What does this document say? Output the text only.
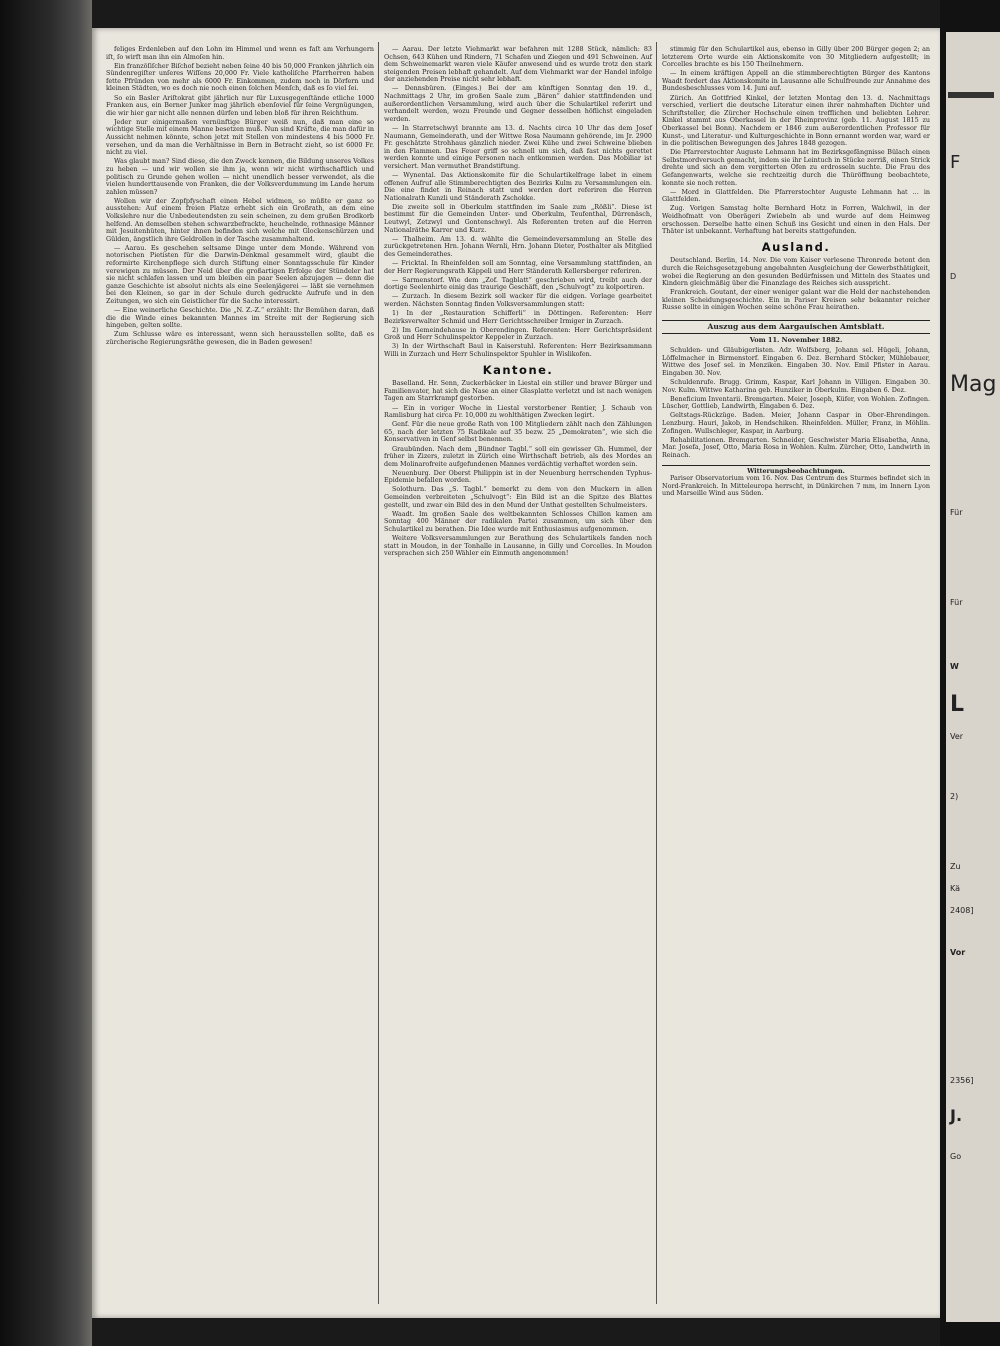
feliges Erdenleben auf den Lohn im Himmel und wenn es faſt am Verhungern iſt, ſo wirft man ihn ein Almoſen hin.

Ein franzöſiſcher Biſchof bezieht neben ſeine 40 bis 50,000 Franken jährlich ein Sündenregiſter unſeres Wiſſens 20,000 Fr. Viele katholiſche Pfarrherren haben fette Pfründen von mehr als 6000 Fr. Einkommen, zudem noch in Dörfern und kleinen Städten, wo es doch nie noch einen ſolchen Menſch, daß es ſo viel ſei.

So ein Basler Ariſtokrat gibt jährlich nur für Luxusgegenſtände etliche 1000 Franken aus, ein Berner Junker mag jährlich ebenſoviel für ſeine Vergnügungen, die wir hier gar nicht alle nennen dürfen und leben bloß für ihren Reichthum.

Jeder nur einigermaßen vernünftige Bürger weiß nun, daß man eine so wichtige Stelle mit einem Manne besetzen muß. Nun sind Kräfte, die man dafür in Aussicht nehmen könnte, schon jetzt mit Stellen von mindestens 4 bis 5000 Fr. versehen, und da man die Verhältnisse in Bern in Betracht zieht, so ist 6000 Fr. nicht zu viel.

Was glaubt man? Sind diese, die den Zweck kennen, die Bildung unseres Volkes zu heben — und wir wollen sie ihm ja, wenn wir nicht wirthschaftlich und politisch zu Grunde gehen wollen — nicht unendlich besser verwendet, als die vielen hunderttausende von Franken, die der Volksverdummung im Lande herum zahlen müssen?

Wollen wir der Zopfpfyschaft einen Hebel widmen, so müßte er ganz so ausstehen: Auf einem freien Platze erhebt sich ein Großrath, an dem eine Volkslehre nur die Unbedeutendsten zu sein scheinen, zu dem grußen Brodkorb helfend. An demselben stehen schwarzbefrackte, heuchelnde, rothnasige Männer mit Jesuitenhüten, hinter ihnen befinden sich welche mit Glockenschürzen und Gülden, ängstlich ihre Geldrollen in der Tasche zusammhaltend.

— Aarau. Es geschehen seltsame Dinge unter dem Monde. Während von notorischen Pietisten für die Darwin-Denkmal gesammelt wird, glaubt die reformirte Kirchenpflege sich durch Stiftung einer Sonntagsschule für Kinder verewigen zu müssen. Der Neid über die großartigen Erfolge der Stündeler hat sie nicht schlafen lassen und um bleiben ein paar Seelen abzujagen — denn die ganze Geschichte ist absolut nichts als eine Seelenjägerei — läßt sie vernehmen bei den Kleinen, so gar in der Schule durch gedruckte Aufrufe und in den Zeitungen, wo sich ein Geistlicher für die Sache interessirt.

— Eine weinerliche Geschichte. Die „N. Z.-Z.“ erzählt: Ihr Bemühen daran, daß die die Winde eines bekannten Mannes im Streite mit der Regierung sich hingeben, gelten sollte.

Zum Schlusse wäre es interessant, wenn sich herausstellen sollte, daß es zürcherische Regierungsräthe gewesen, die in Baden gewesen!

— Aarau. Der letzte Viehmarkt war befahren mit 1288 Stück, nämlich: 83 Ochsen, 643 Kühen und Rindern, 71 Schafen und Ziegen und 491 Schweinen. Auf dem Schweinemarkt waren viele Käufer anwesend und es wurde trotz den stark steigenden Preisen lebhaft gehandelt. Auf dem Viehmarkt war der Handel infolge der anziehenden Preise nicht sehr lebhaft.

— Dennsbüren. (Einges.) Bei der am künftigen Sonntag den 19. d., Nachmittags 2 Uhr, im großen Saale zum „Bären“ dahier stattfindenden und außerordentlichen Versammlung, wird auch über die Schulartikel referirt und verhandelt werden, wozu Freunde und Gegner desselben höflichst eingeladen werden.

— In Starretschwyl brannte am 13. d. Nachts circa 10 Uhr das dem Josef Naumann, Gemeinderath, und der Wittwe Rosa Naumann gehörende, im Jr. 2900 Fr. geschätzte Strohhaus gänzlich nieder. Zwei Kühe und zwei Schweine blieben in den Flammen. Das Feuer griff so schnell um sich, daß fast nichts gerettet werden konnte und einige Personen nach entkommen werden. Das Mobiliar ist versichert. Man vermuthet Brandstiftung.

— Wynental. Das Aktionskomite für die Schulartikelfrage labet in einem offenen Aufruf alle Stimmberechtigten des Bezirks Kulm zu Versammlungen ein. Die eine findet in Reinach statt und werden dort referiren die Herren Nationalrath Kunzli und Ständerath Zschokke.

Die zweite soll in Oberkulm stattfinden im Saale zum „Rößli“. Diese ist bestimmt für die Gemeinden Unter- und Oberkulm, Teufenthal, Dürrenäsch, Leutwyl, Zetzwyl und Gontenschwyl. Als Referenten treten auf die Herren Nationalräthe Karrer und Kurz.

— Thalheim. Am 13. d. wählte die Gemeindeversammlung an Stelle des zurückgetretenen Hrn. Johann Wernli, Hrn. Johann Dieter, Posthalter als Mitglied des Gemeinderathes.

— Fricktal. In Rheinfelden soll am Sonntag, eine Versammlung stattfinden, an der Herr Regierungsrath Käppeli und Herr Ständerath Kellersberger referiren.

— Sarmenstorf. Wie dem „Zof. Tagblatt“ geschrieben wird, treibt auch der dortige Seelenhirte einig das traurige Geschäft, den „Schulvogt“ zu kolportiren.

— Zurzach. In diesem Bezirk soll wacker für die eidgen. Vorlage gearbeitet werden. Nächsten Sonntag finden Volksversammlungen statt:

1) In der „Restauration Schifferli“ in Döttingen. Referenten: Herr Bezirksverwalter Schmid und Herr Gerichtsschreiber Irmiger in Zurzach.

2) Im Gemeindehause in Oberendingen. Referenten: Herr Gerichtspräsident Groß und Herr Schulinspektor Keppeler in Zurzach.

3) In der Wirthschaft Baul in Kaiserstuhl. Referenten: Herr Bezirksammann Willi in Zurzach und Herr Schulinspektor Spuhler in Wislikofen.

Kantone.

Baselland. Hr. Senn, Zuckerbäcker in Liestal ein stiller und braver Bürger und Familienvater, hat sich die Nase an einer Glasplatte verletzt und ist nach wenigen Tagen am Starrkrampf gestorben.

— Ein in voriger Woche in Liestal verstorbener Rentier, J. Schaub von Ramlisburg hat circa Fr. 10,000 zu wohlthätigen Zwecken legirt.

Genf. Für die neue große Rath von 100 Mitgliedern zählt nach den Zählungen 65, nach der letzten 75 Radikale auf 35 bezw. 25 „Demokraten“, wie sich die Konservativen in Genf selbst benennen.

Graubünden. Nach dem „Bündner Tagbl.“ soll ein gewisser Gh. Hummel, der früher in Zizers, zuletzt in Zürich eine Wirthschaft betrieb, als des Mordes an dem Molinarofreite aufgefundenen Mannes verdächtig verhaftet worden sein.

Neuenburg. Der Oberst Philippin ist in der Neuenburg herrschenden Typhus-Epidemie befallen worden.

Solothurn. Das „S. Tagbl.“ bemerkt zu dem von den Muckern in allen Gemeinden verbreiteten „Schulvogt“: Ein Bild ist an die Spitze des Blattes gestellt, und zwar ein Bild des in den Mund der Unthat gestellten Schulmeisters.

Waadt. Im großen Saale des weltbekannten Schlosses Chillon kamen am Sonntag 400 Männer der radikalen Partei zusammen, um sich über den Schulartikel zu berathen. Die Idee wurde mit Enthusiasmus aufgenommen.

Weitere Volksversammlungen zur Berathung des Schulartikels fanden noch statt in Moudon, in der Tonhalle in Lausanne, in Gilly und Corcelles. In Moudon versprachen sich 250 Wähler ein Einmuth angenommen!

stimmig für den Schulartikel aus, ebenso in Gilly über 200 Bürger gegen 2; an letzterem Orte wurde ein Aktionskomite von 30 Mitgliedern aufgestellt; in Corcelles brachte es bis 150 Theilnehmern.

— In einem kräftigen Appell an die stimmberechtigten Bürger des Kantons Waadt fordert das Aktionskomite in Lausanne alle Schulfreunde zur Annahme des Bundesbeschlusses vom 14. Juni auf.

Zürich. An Gottfried Kinkel, der letzten Montag den 13. d. Nachmittags verschied, verliert die deutsche Literatur einen ihrer nahmhaften Dichter und Schriftsteller, die Zürcher Hochschule einen trefflichen und beliebten Lehrer. Kinkel stammt aus Oberkassel in der Rheinprovinz (geb. 11. August 1815 zu Oberkassel bei Bonn). Nachdem er 1846 zum außerordentlichen Professor für Kunst-, und Literatur- und Kulturgeschichte in Bonn ernannt worden war, ward er in die politischen Bewegungen des Jahres 1848 gezogen.

Die Pfarrerstochter Auguste Lehmann hat im Bezirksgefängnisse Bülach einen Selbstmordversuch gemacht, indem sie ihr Leintuch in Stücke zerriß, einen Strick drehte und sich an dem vergitterten Ofen zu erdrosseln suchte. Die Frau des Gefangenwarts, welche sie rechtzeitig durch die Thüröffnung beobachtete, konnte sie noch retten.

— Mord in Glattfelden. Die Pfarrerstochter Auguste Lehmann hat ... in Glattfelden.

Zug. Vorigen Samstag holte Bernhard Hotz in Forren, Walchwil, in der Weidhofmatt von Oberägeri Zwiebeln ab und wurde auf dem Heimweg erschossen. Derselbe hatte einen Schuß ins Gesicht und einen in den Hals. Der Thäter ist unbekannt. Verhaftung hat bereits stattgefunden.

Ausland.

Deutschland. Berlin, 14. Nov. Die vom Kaiser verlesene Thronrede betont den durch die Reichsgesetzgebung angebahnten Ausgleichung der Gewerbsthätigkeit, wobei die Regierung an den gesunden Bedürfnissen und Mitteln des Staates und Kindern gleichmäßig über die Finanzlage des Reiches sich ausspricht.

Frankreich. Goutant, der einer weniger galant war die Held der nachstehenden kleinen Scheidungsgeschichte. Ein in Pariser Kreisen sehr bekannter reicher Russe sollte in einigen Wochen seine schöne Frau heirathen.

Auszug aus dem Aargauischen Amtsblatt.
Vom 11. November 1882.

Schulden- und Gläubigerlisten. Adr. Wolfsberg, Johann sel. Hügeli, Johann, Löffelmacher in Birmenstorf. Eingaben 6. Dez. Bernhard Stöcker, Mühlebauer, Wittwe des Josef sel. in Menziken. Eingaben 30. Nov. Emil Pfister in Aarau. Eingaben 30. Nov.

Schuldenrufe. Brugg. Grimm, Kaspar, Karl Johann in Villigen. Eingaben 30. Nov. Kulm. Wittwe Katharina geb. Hunziker in Oberkulm. Eingaben 6. Dez.

Beneficium Inventarii. Bremgarten. Meier, Joseph, Küfer, von Wohlen. Zofingen. Lüscher, Gottlieb, Landwirth, Eingaben 6. Dez.

Geltstags-Rückzüge. Baden. Meier, Johann Caspar in Ober-Ehrendingen. Lenzburg. Hauri, Jakob, in Hendschiken. Rheinfelden. Müller, Franz, in Möhlin. Zofingen. Wullschleger, Kaspar, in Aarburg.

Rehabilitationen. Bremgarten. Schneider, Geschwister Maria Elisabetha, Anna, Mar. Josefa, Josef, Otto, Maria Rosa in Wohlen. Kulm. Zürcher, Otto, Landwirth in Reinach.

Witterungsbeobachtungen.

Pariser Observatorium vom 16. Nov. Das Centrum des Sturmes befindet sich in Nord-Frankreich. In Mitteleuropa herrscht, in Dünkirchen 7 mm, im Innern Lyon und Marseille Wind aus Süden.

F
D
Mag
Für
Für
W
L
Ver
2)
Zu
Kä
2408]
Vor
2356]
J.
Go
